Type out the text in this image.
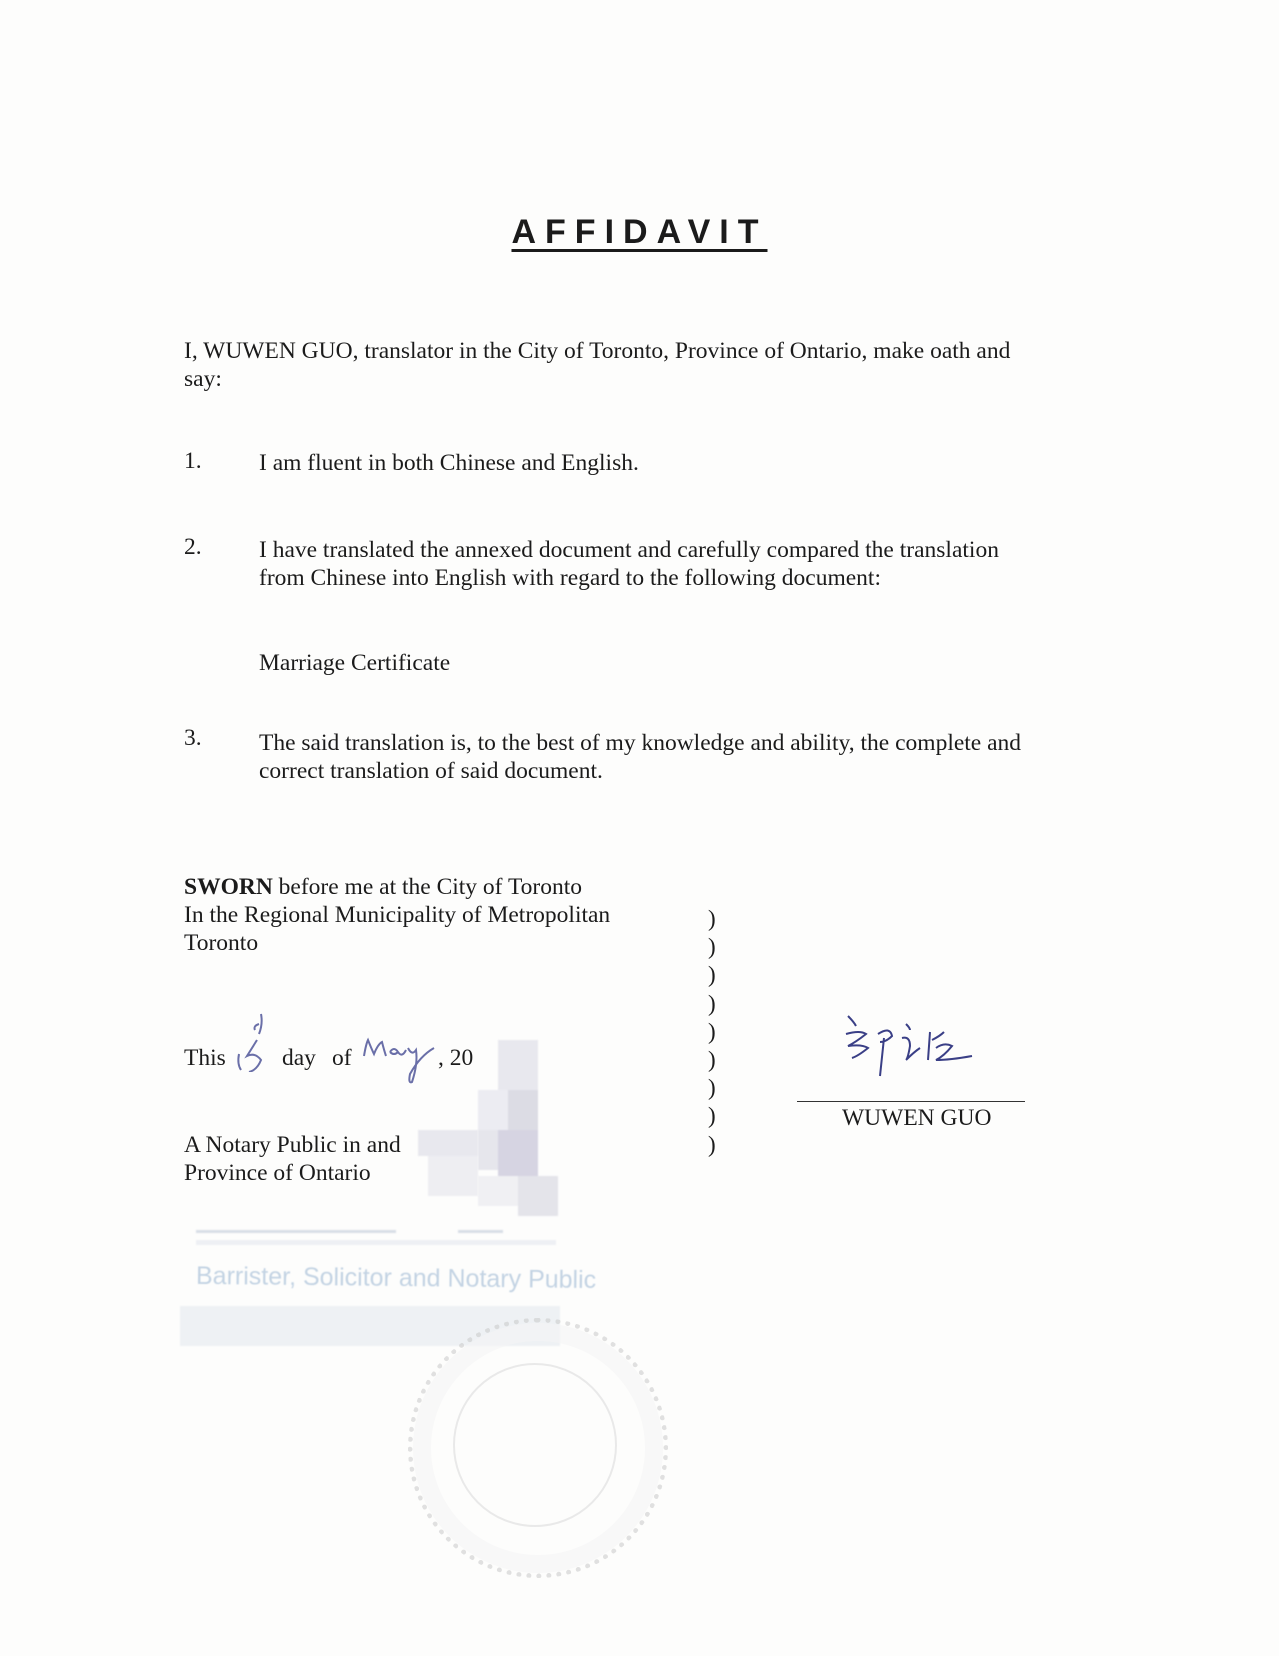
AFFIDAVIT
I, WUWEN GUO, translator in the City of Toronto, Province of Ontario, make oath and
say:
1. I am fluent in both Chinese and English.
2. I have translated the annexed document and carefully compared the translation
from Chinese into English with regard to the following document:
Marriage Certificate
3. The said translation is, to the best of my knowledge and ability, the complete and
correct translation of said document.
SWORN before me at the City of Toronto
In the Regional Municipality of Metropolitan
Toronto
This day of	, 20
A Notary Public in and
Province of Ontario
Barrister, Solicitor and Notary Public
)
)
)
)
)
)
)
)
)
WUWEN GUO
